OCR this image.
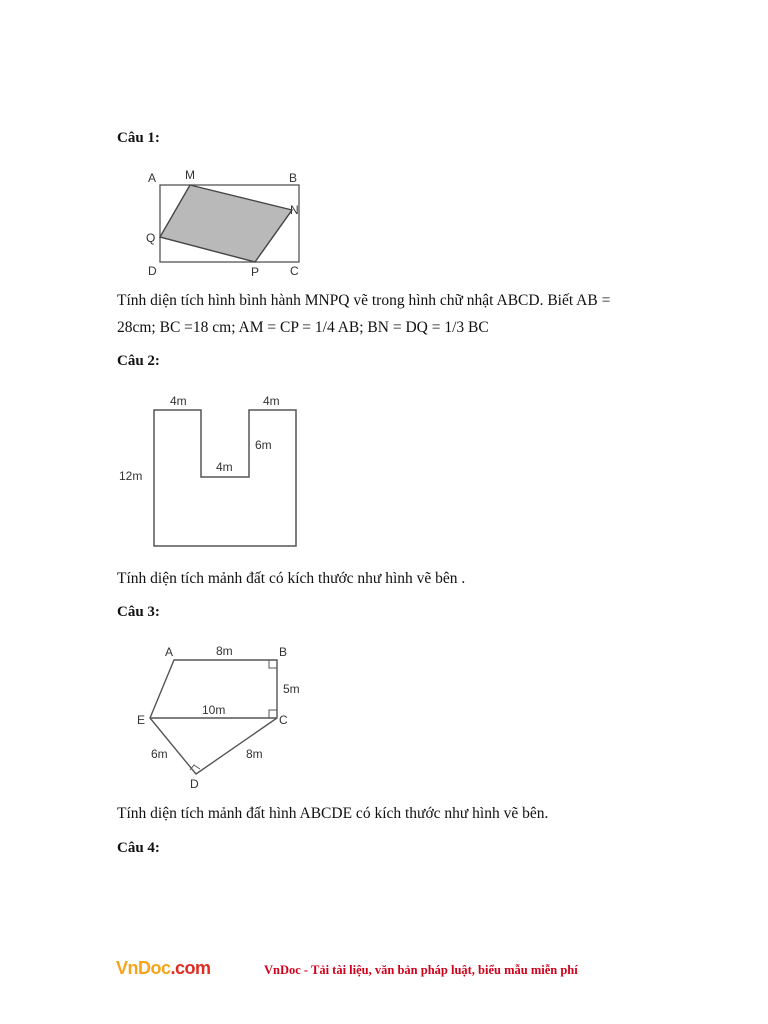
Câu 1:
A M	B
N
Q
D	P	C
Tính diện tích hình bình hành MNPQ vẽ trong hình chữ nhật ABCD. Biết AB =
28cm; BC =18 cm; AM = CP = 1/4 AB; BN = DQ = 1/3 BC
Câu 2:
4m	4m
6m
4m
12m
Tính diện tích mảnh đất có kích thước như hình vẽ bên .
Câu 3:
A	8m	B
5m
C
10m
E
6m	8m
D
Tính diện tích mảnh đất hình ABCDE có kích thước như hình vẽ bên.
Câu 4:
VnDoc.com	VnDoc - Tải tài liệu, văn bản pháp luật, biểu mẫu miễn phí
